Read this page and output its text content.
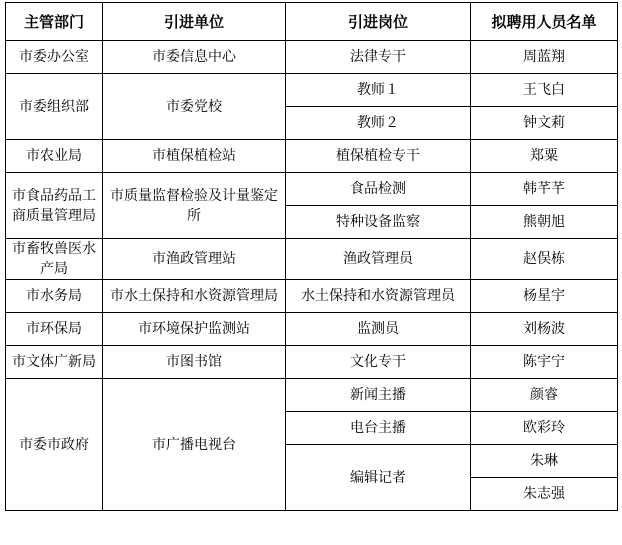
主管部门	引进单位	引进岗位	拟聘用人员名单
市委办公室	市委信息中心	法律专干	周蓝翔
市委组织部	市委党校	教师１	王飞白
		教师２	钟文莉
市农业局	市植保植检站	植保植检专干	郑粟
市食品药品工商质量管理局	市质量监督检验及计量鉴定所	食品检测	韩芊芊
		特种设备监察	熊朝旭
市畜牧兽医水产局	市渔政管理站	渔政管理员	赵俣栋
市水务局	市水土保持和水资源管理局	水土保持和水资源管理员	杨星宇
市环保局	市环境保护监测站	监测员	刘杨波
市文体广新局	市图书馆	文化专干	陈宇宁
市委市政府	市广播电视台	新闻主播	颜睿
		电台主播	欧彩玲
		编辑记者	朱琳
			朱志强
